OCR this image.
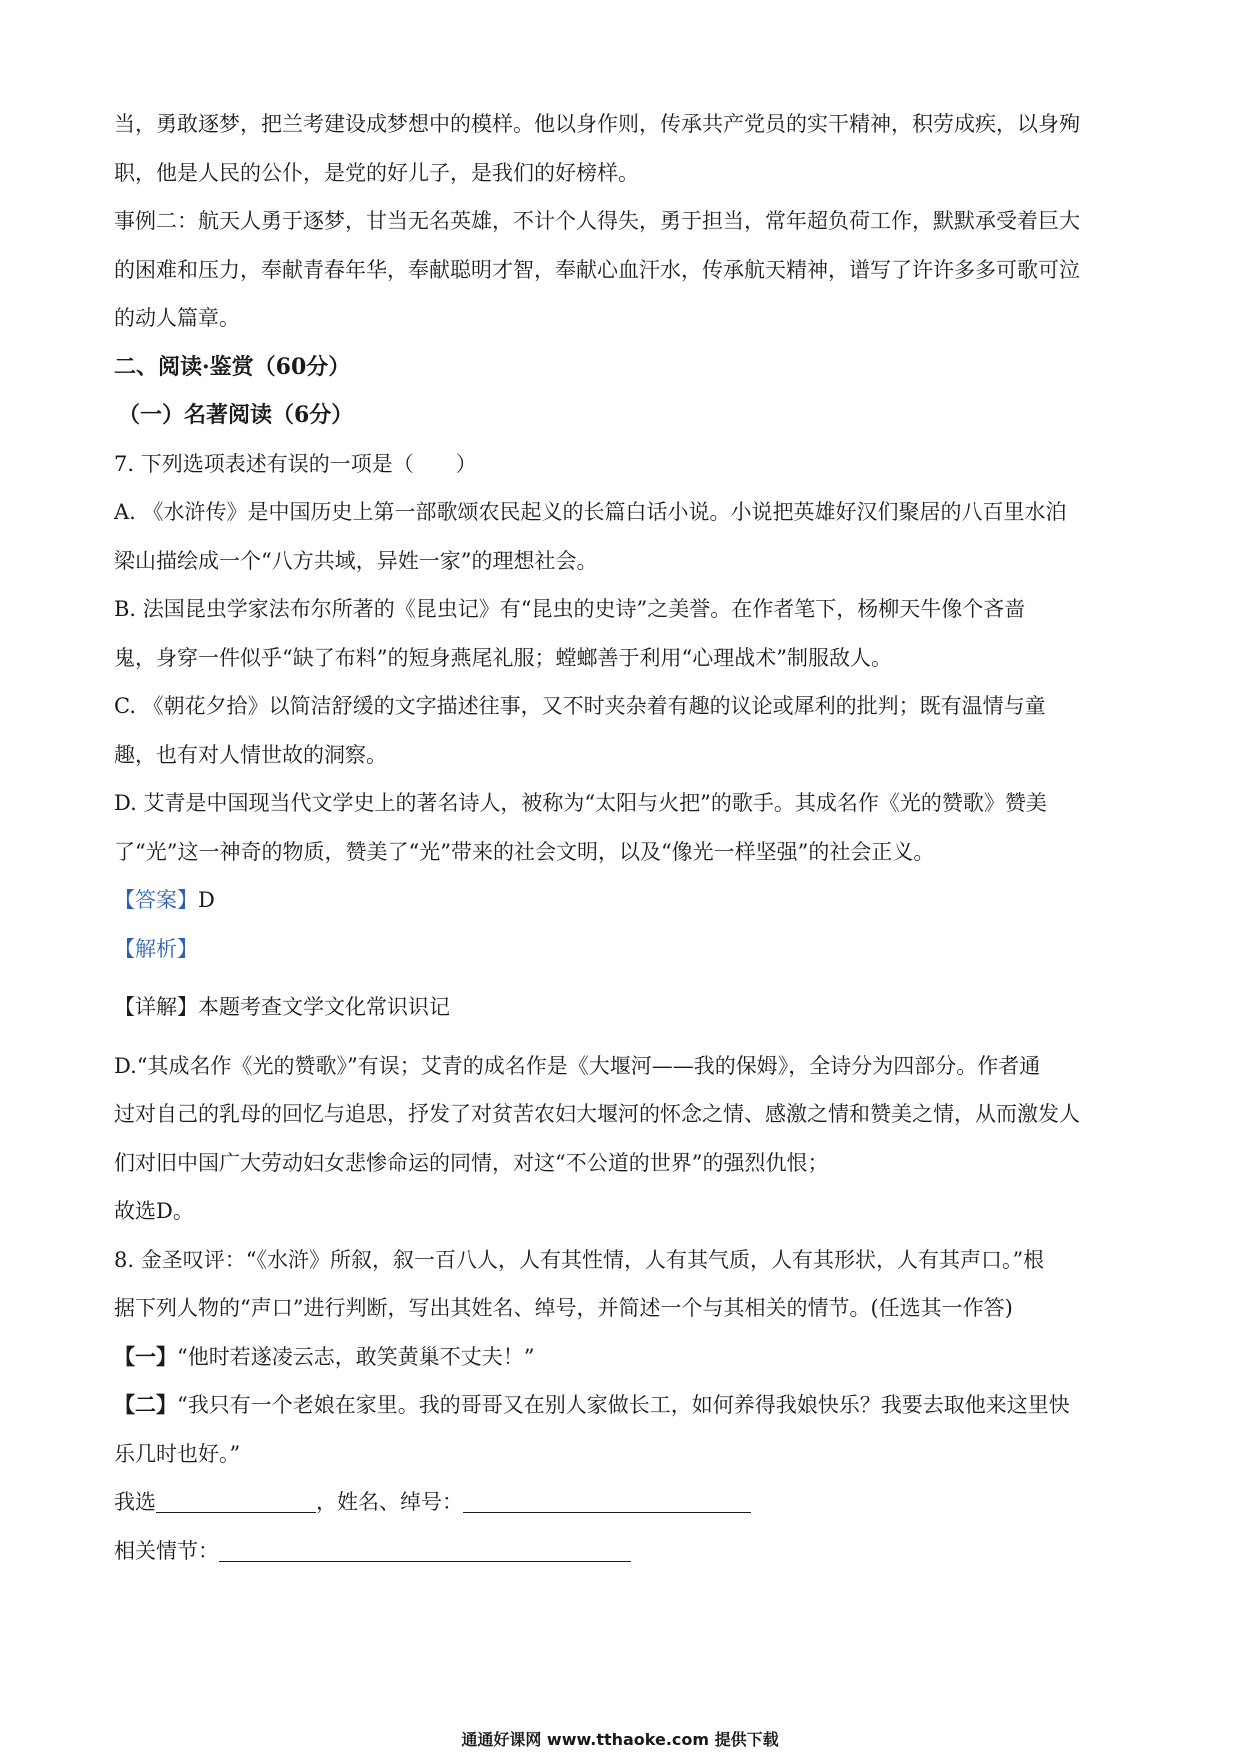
当，勇敢逐梦，把兰考建设成梦想中的模样。他以身作则，传承共产党员的实干精神，积劳成疾，以身殉

职，他是人民的公仆，是党的好儿子，是我们的好榜样。

事例二：航天人勇于逐梦，甘当无名英雄，不计个人得失，勇于担当，常年超负荷工作，默默承受着巨大

的困难和压力，奉献青春年华，奉献聪明才智，奉献心血汗水，传承航天精神，谱写了许许多多可歌可泣

的动人篇章。

二、阅读·鉴赏（60分）

（一）名著阅读（6分）

7. 下列选项表述有误的一项是（　　）

A. 《水浒传》是中国历史上第一部歌颂农民起义的长篇白话小说。小说把英雄好汉们聚居的八百里水泊

梁山描绘成一个“八方共域，异姓一家”的理想社会。

B. 法国昆虫学家法布尔所著的《昆虫记》有“昆虫的史诗”之美誉。在作者笔下，杨柳天牛像个吝啬

鬼，身穿一件似乎“缺了布料”的短身燕尾礼服；螳螂善于利用“心理战术”制服敌人。

C. 《朝花夕拾》以简洁舒缓的文字描述往事，又不时夹杂着有趣的议论或犀利的批判；既有温情与童

趣，也有对人情世故的洞察。

D. 艾青是中国现当代文学史上的著名诗人，被称为“太阳与火把”的歌手。其成名作《光的赞歌》赞美

了“光”这一神奇的物质，赞美了“光”带来的社会文明，以及“像光一样坚强”的社会正义。

【答案】D

【解析】

【详解】本题考查文学文化常识识记

D.“其成名作《光的赞歌》”有误；艾青的成名作是《大堰河——我的保姆》，全诗分为四部分。作者通

过对自己的乳母的回忆与追思，抒发了对贫苦农妇大堰河的怀念之情、感激之情和赞美之情，从而激发人

们对旧中国广大劳动妇女悲惨命运的同情，对这“不公道的世界”的强烈仇恨；

故选D。

8. 金圣叹评：“《水浒》所叙，叙一百八人，人有其性情，人有其气质，人有其形状，人有其声口。”根

据下列人物的“声口”进行判断，写出其姓名、绰号，并简述一个与其相关的情节。(任选其一作答)

【一】“他时若遂凌云志，敢笑黄巢不丈夫！”

【二】“我只有一个老娘在家里。我的哥哥又在别人家做长工，如何养得我娘快乐？我要去取他来这里快

乐几时也好。”

我选	，姓名、绰号：

相关情节：

通通好课网 www.tthaoke.com 提供下载
